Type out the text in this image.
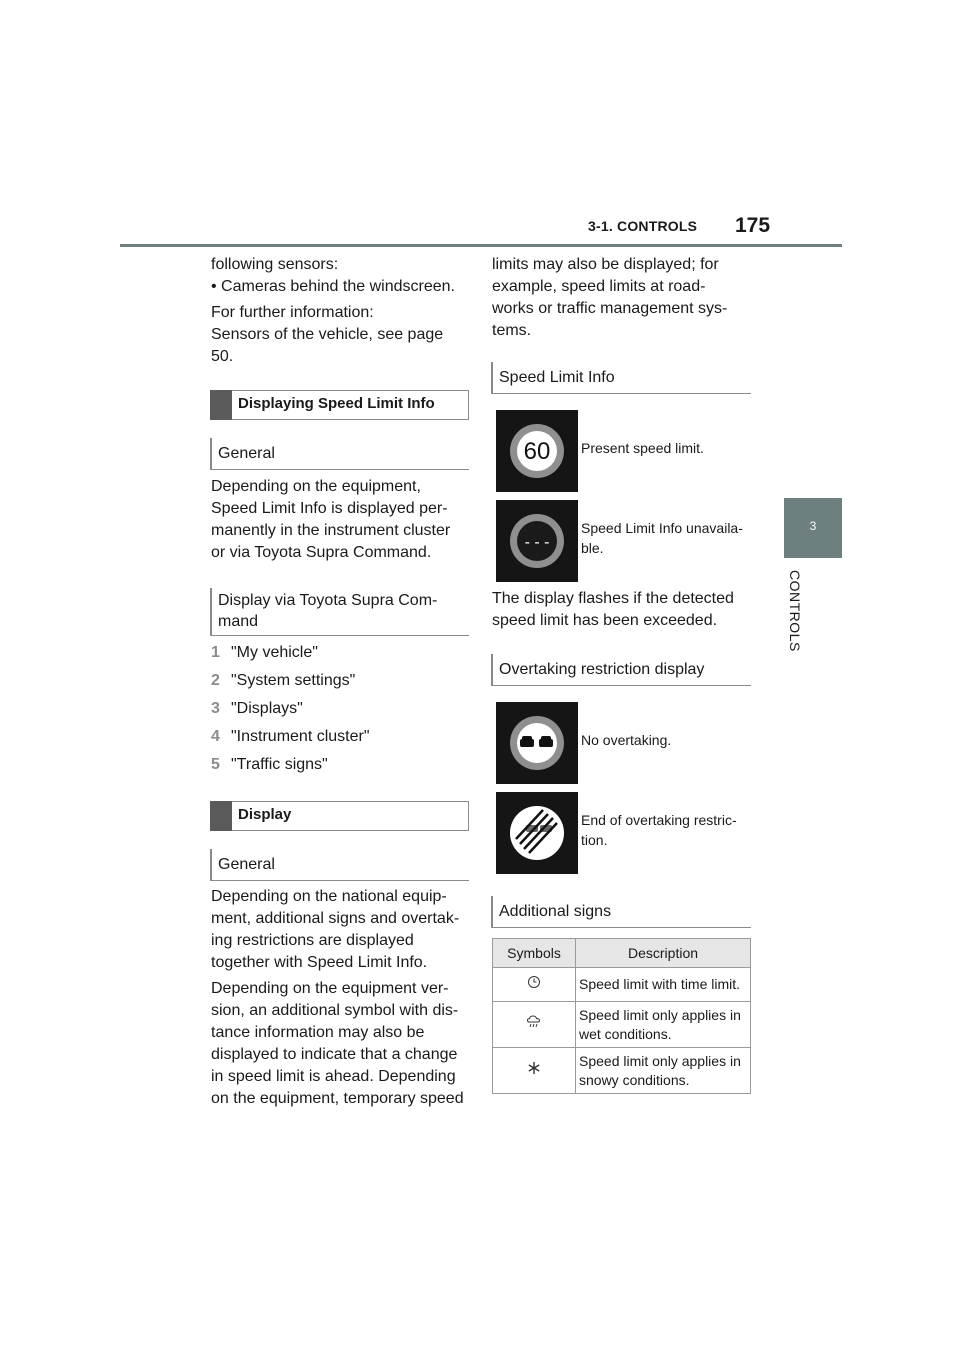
3-1. CONTROLS 175
3
CONTROLS

following sensors:

• Cameras behind the windscreen.

For further information:

Sensors of the vehicle, see page

50.

Displaying Speed Limit Info
General

Depending on the equipment,

Speed Limit Info is displayed per-

manently in the instrument cluster

or via Toyota Supra Command.

Display via Toyota Supra Com-
mand
1 "My vehicle"
2 "System settings"
3 "Displays"
4 "Instrument cluster"
5 "Traffic signs"
Display
General

Depending on the national equip-

ment, additional signs and overtak-

ing restrictions are displayed

together with Speed Limit Info.

Depending on the equipment ver-

sion, an additional symbol with dis-

tance information may also be

displayed to indicate that a change

in speed limit is ahead. Depending

on the equipment, temporary speed

limits may also be displayed; for

example, speed limits at road-

works or traffic management sys-

tems.

Speed Limit Info
60 Present speed limit.
- - -
Speed Limit Info unavaila-
ble.

The display flashes if the detected

speed limit has been exceeded.

Overtaking restriction display
No overtaking.
End of overtaking restric-
tion.
Additional signs
Symbols	Description
	Speed limit with time limit.

Speed limit only applies in
wet conditions.

Speed limit only applies in
snowy conditions.
